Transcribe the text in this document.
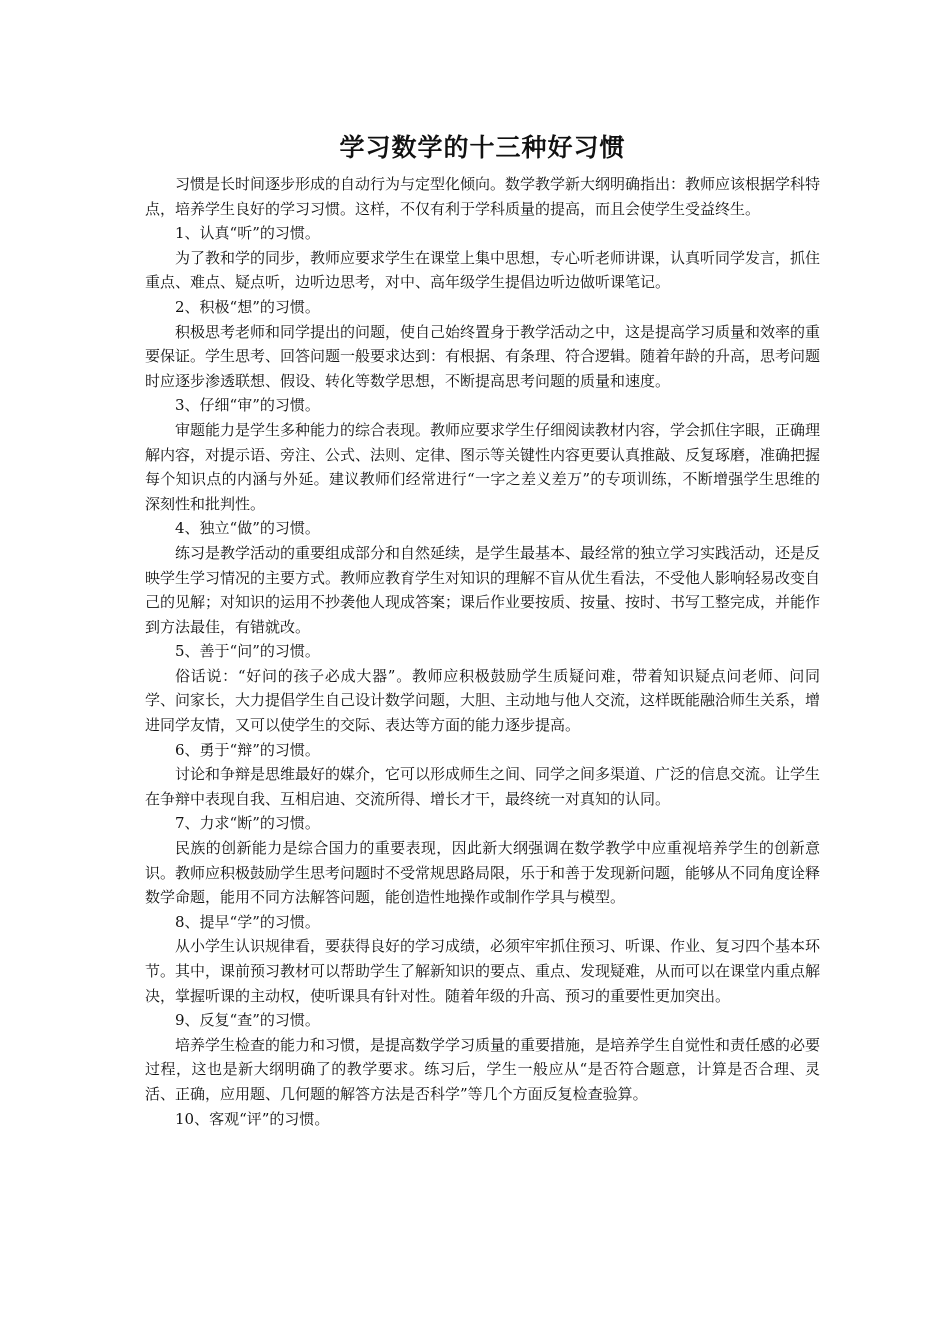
学习数学的十三种好习惯

习惯是长时间逐步形成的自动行为与定型化倾向。数学教学新大纲明确指出：教师应该根据学科特点，培养学生良好的学习习惯。这样，不仅有利于学科质量的提高，而且会使学生受益终生。

1、认真“听”的习惯。

为了教和学的同步，教师应要求学生在课堂上集中思想，专心听老师讲课，认真听同学发言，抓住重点、难点、疑点听，边听边思考，对中、高年级学生提倡边听边做听课笔记。

2、积极“想”的习惯。

积极思考老师和同学提出的问题，使自己始终置身于教学活动之中，这是提高学习质量和效率的重要保证。学生思考、回答问题一般要求达到：有根据、有条理、符合逻辑。随着年龄的升高，思考问题时应逐步渗透联想、假设、转化等数学思想，不断提高思考问题的质量和速度。

3、仔细“审”的习惯。

审题能力是学生多种能力的综合表现。教师应要求学生仔细阅读教材内容，学会抓住字眼，正确理解内容，对提示语、旁注、公式、法则、定律、图示等关键性内容更要认真推敲、反复琢磨，准确把握每个知识点的内涵与外延。建议教师们经常进行“一字之差义差万”的专项训练，不断增强学生思维的深刻性和批判性。

4、独立“做”的习惯。

练习是教学活动的重要组成部分和自然延续，是学生最基本、最经常的独立学习实践活动，还是反映学生学习情况的主要方式。教师应教育学生对知识的理解不盲从优生看法，不受他人影响轻易改变自己的见解；对知识的运用不抄袭他人现成答案；课后作业要按质、按量、按时、书写工整完成，并能作到方法最佳，有错就改。

5、善于“问”的习惯。

俗话说：“好问的孩子必成大器”。教师应积极鼓励学生质疑问难，带着知识疑点问老师、问同学、问家长，大力提倡学生自己设计数学问题，大胆、主动地与他人交流，这样既能融洽师生关系，增进同学友情，又可以使学生的交际、表达等方面的能力逐步提高。

6、勇于“辩”的习惯。

讨论和争辩是思维最好的媒介，它可以形成师生之间、同学之间多渠道、广泛的信息交流。让学生在争辩中表现自我、互相启迪、交流所得、增长才干，最终统一对真知的认同。

7、力求“断”的习惯。

民族的创新能力是综合国力的重要表现，因此新大纲强调在数学教学中应重视培养学生的创新意识。教师应积极鼓励学生思考问题时不受常规思路局限，乐于和善于发现新问题，能够从不同角度诠释数学命题，能用不同方法解答问题，能创造性地操作或制作学具与模型。

8、提早“学”的习惯。

从小学生认识规律看，要获得良好的学习成绩，必须牢牢抓住预习、听课、作业、复习四个基本环节。其中，课前预习教材可以帮助学生了解新知识的要点、重点、发现疑难，从而可以在课堂内重点解决，掌握听课的主动权，使听课具有针对性。随着年级的升高、预习的重要性更加突出。

9、反复“查”的习惯。

培养学生检查的能力和习惯，是提高数学学习质量的重要措施，是培养学生自觉性和责任感的必要过程，这也是新大纲明确了的教学要求。练习后，学生一般应从“是否符合题意，计算是否合理、灵活、正确，应用题、几何题的解答方法是否科学”等几个方面反复检查验算。

10、客观“评”的习惯。
